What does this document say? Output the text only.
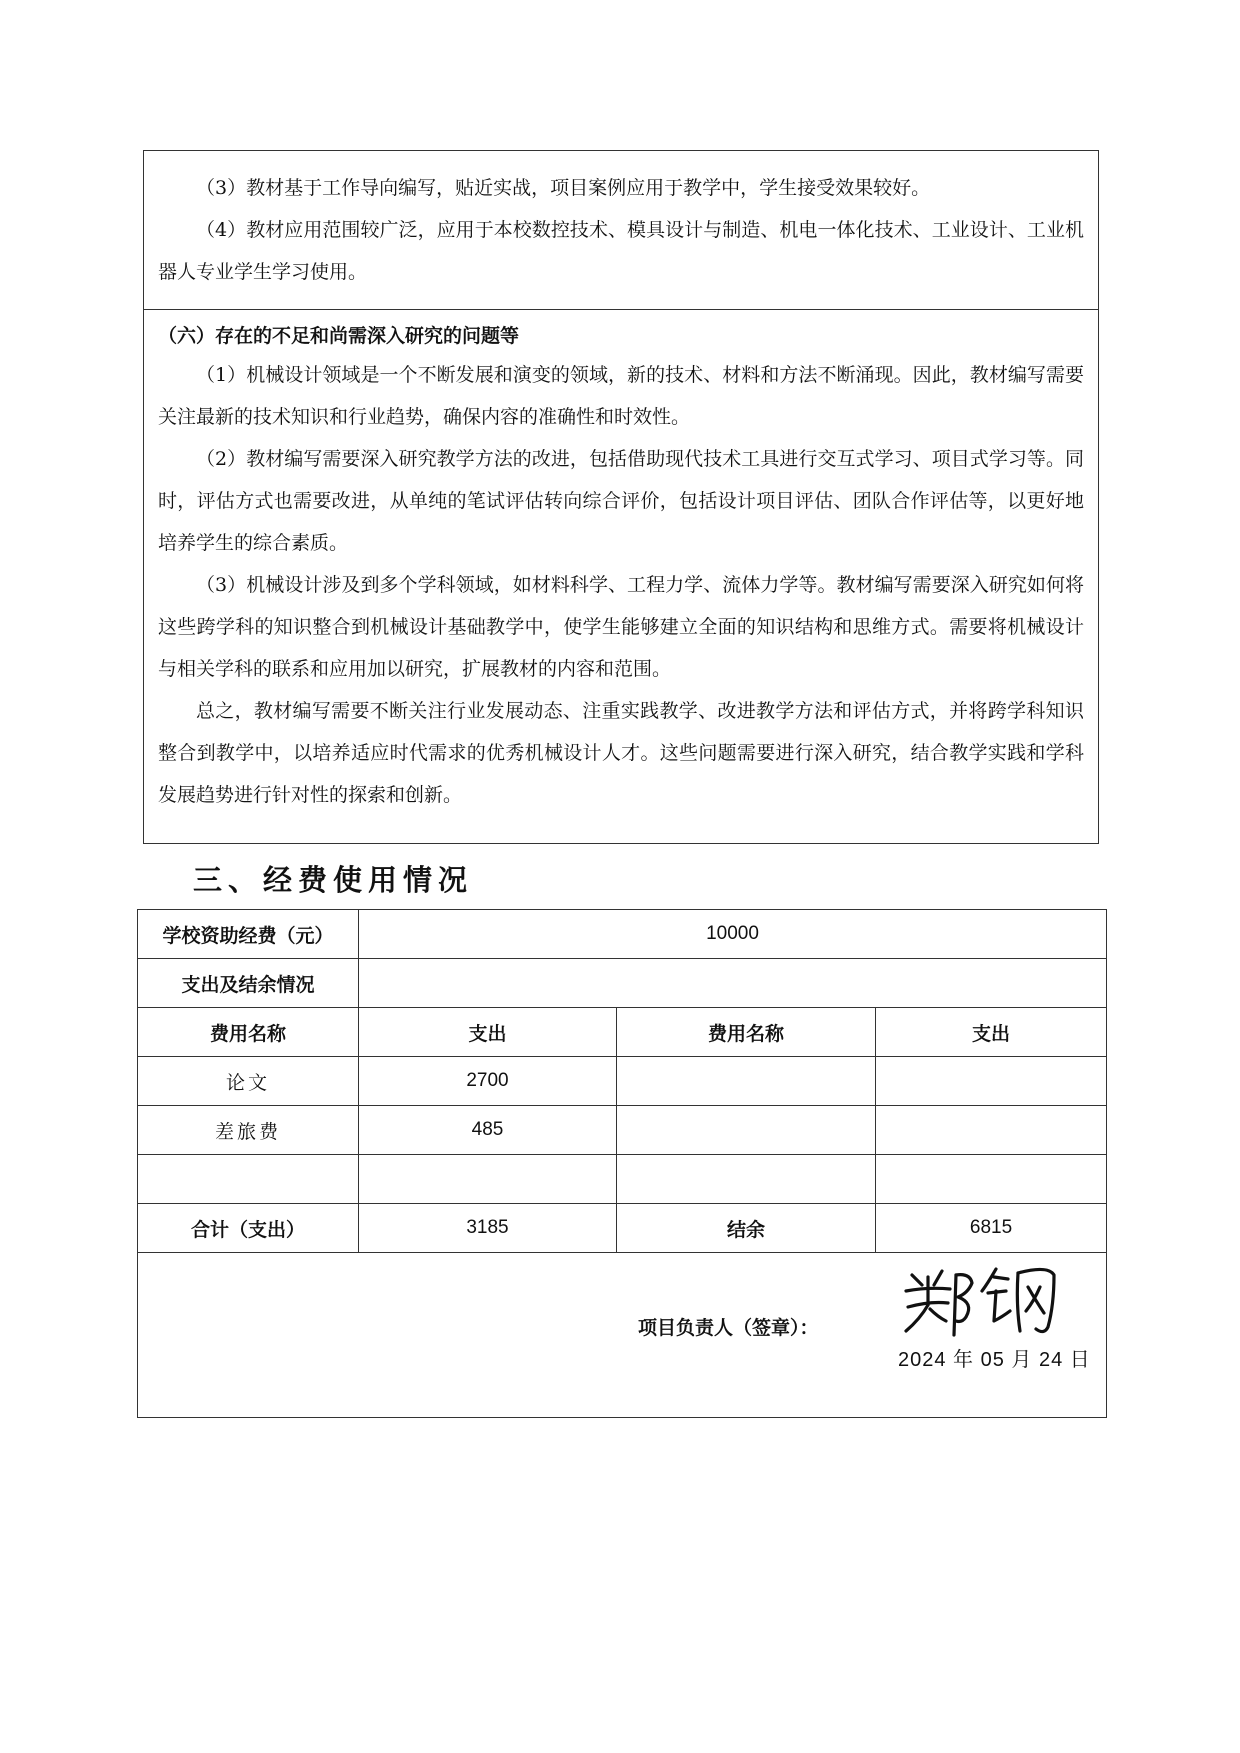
（3）教材基于工作导向编写，贴近实战，项目案例应用于教学中，学生接受效果较好。

（4）教材应用范围较广泛，应用于本校数控技术、模具设计与制造、机电一体化技术、工业设计、工业机器人专业学生学习使用。

（六）存在的不足和尚需深入研究的问题等

（1）机械设计领域是一个不断发展和演变的领域，新的技术、材料和方法不断涌现。因此，教材编写需要关注最新的技术知识和行业趋势，确保内容的准确性和时效性。

（2）教材编写需要深入研究教学方法的改进，包括借助现代技术工具进行交互式学习、项目式学习等。同时，评估方式也需要改进，从单纯的笔试评估转向综合评价，包括设计项目评估、团队合作评估等，以更好地培养学生的综合素质。

（3）机械设计涉及到多个学科领域，如材料科学、工程力学、流体力学等。教材编写需要深入研究如何将这些跨学科的知识整合到机械设计基础教学中，使学生能够建立全面的知识结构和思维方式。需要将机械设计与相关学科的联系和应用加以研究，扩展教材的内容和范围。

总之，教材编写需要不断关注行业发展动态、注重实践教学、改进教学方法和评估方式，并将跨学科知识整合到教学中，以培养适应时代需求的优秀机械设计人才。这些问题需要进行深入研究，结合教学实践和学科发展趋势进行针对性的探索和创新。

三、经费使用情况
学校资助经费（元）	10000		
支出及结余情况			
费用名称	支出	费用名称	支出
论文	2700		
差旅费	485		

合计（支出）	3185	结余	6815

项目负责人（签章）：
2024 年 05 月 24 日			
